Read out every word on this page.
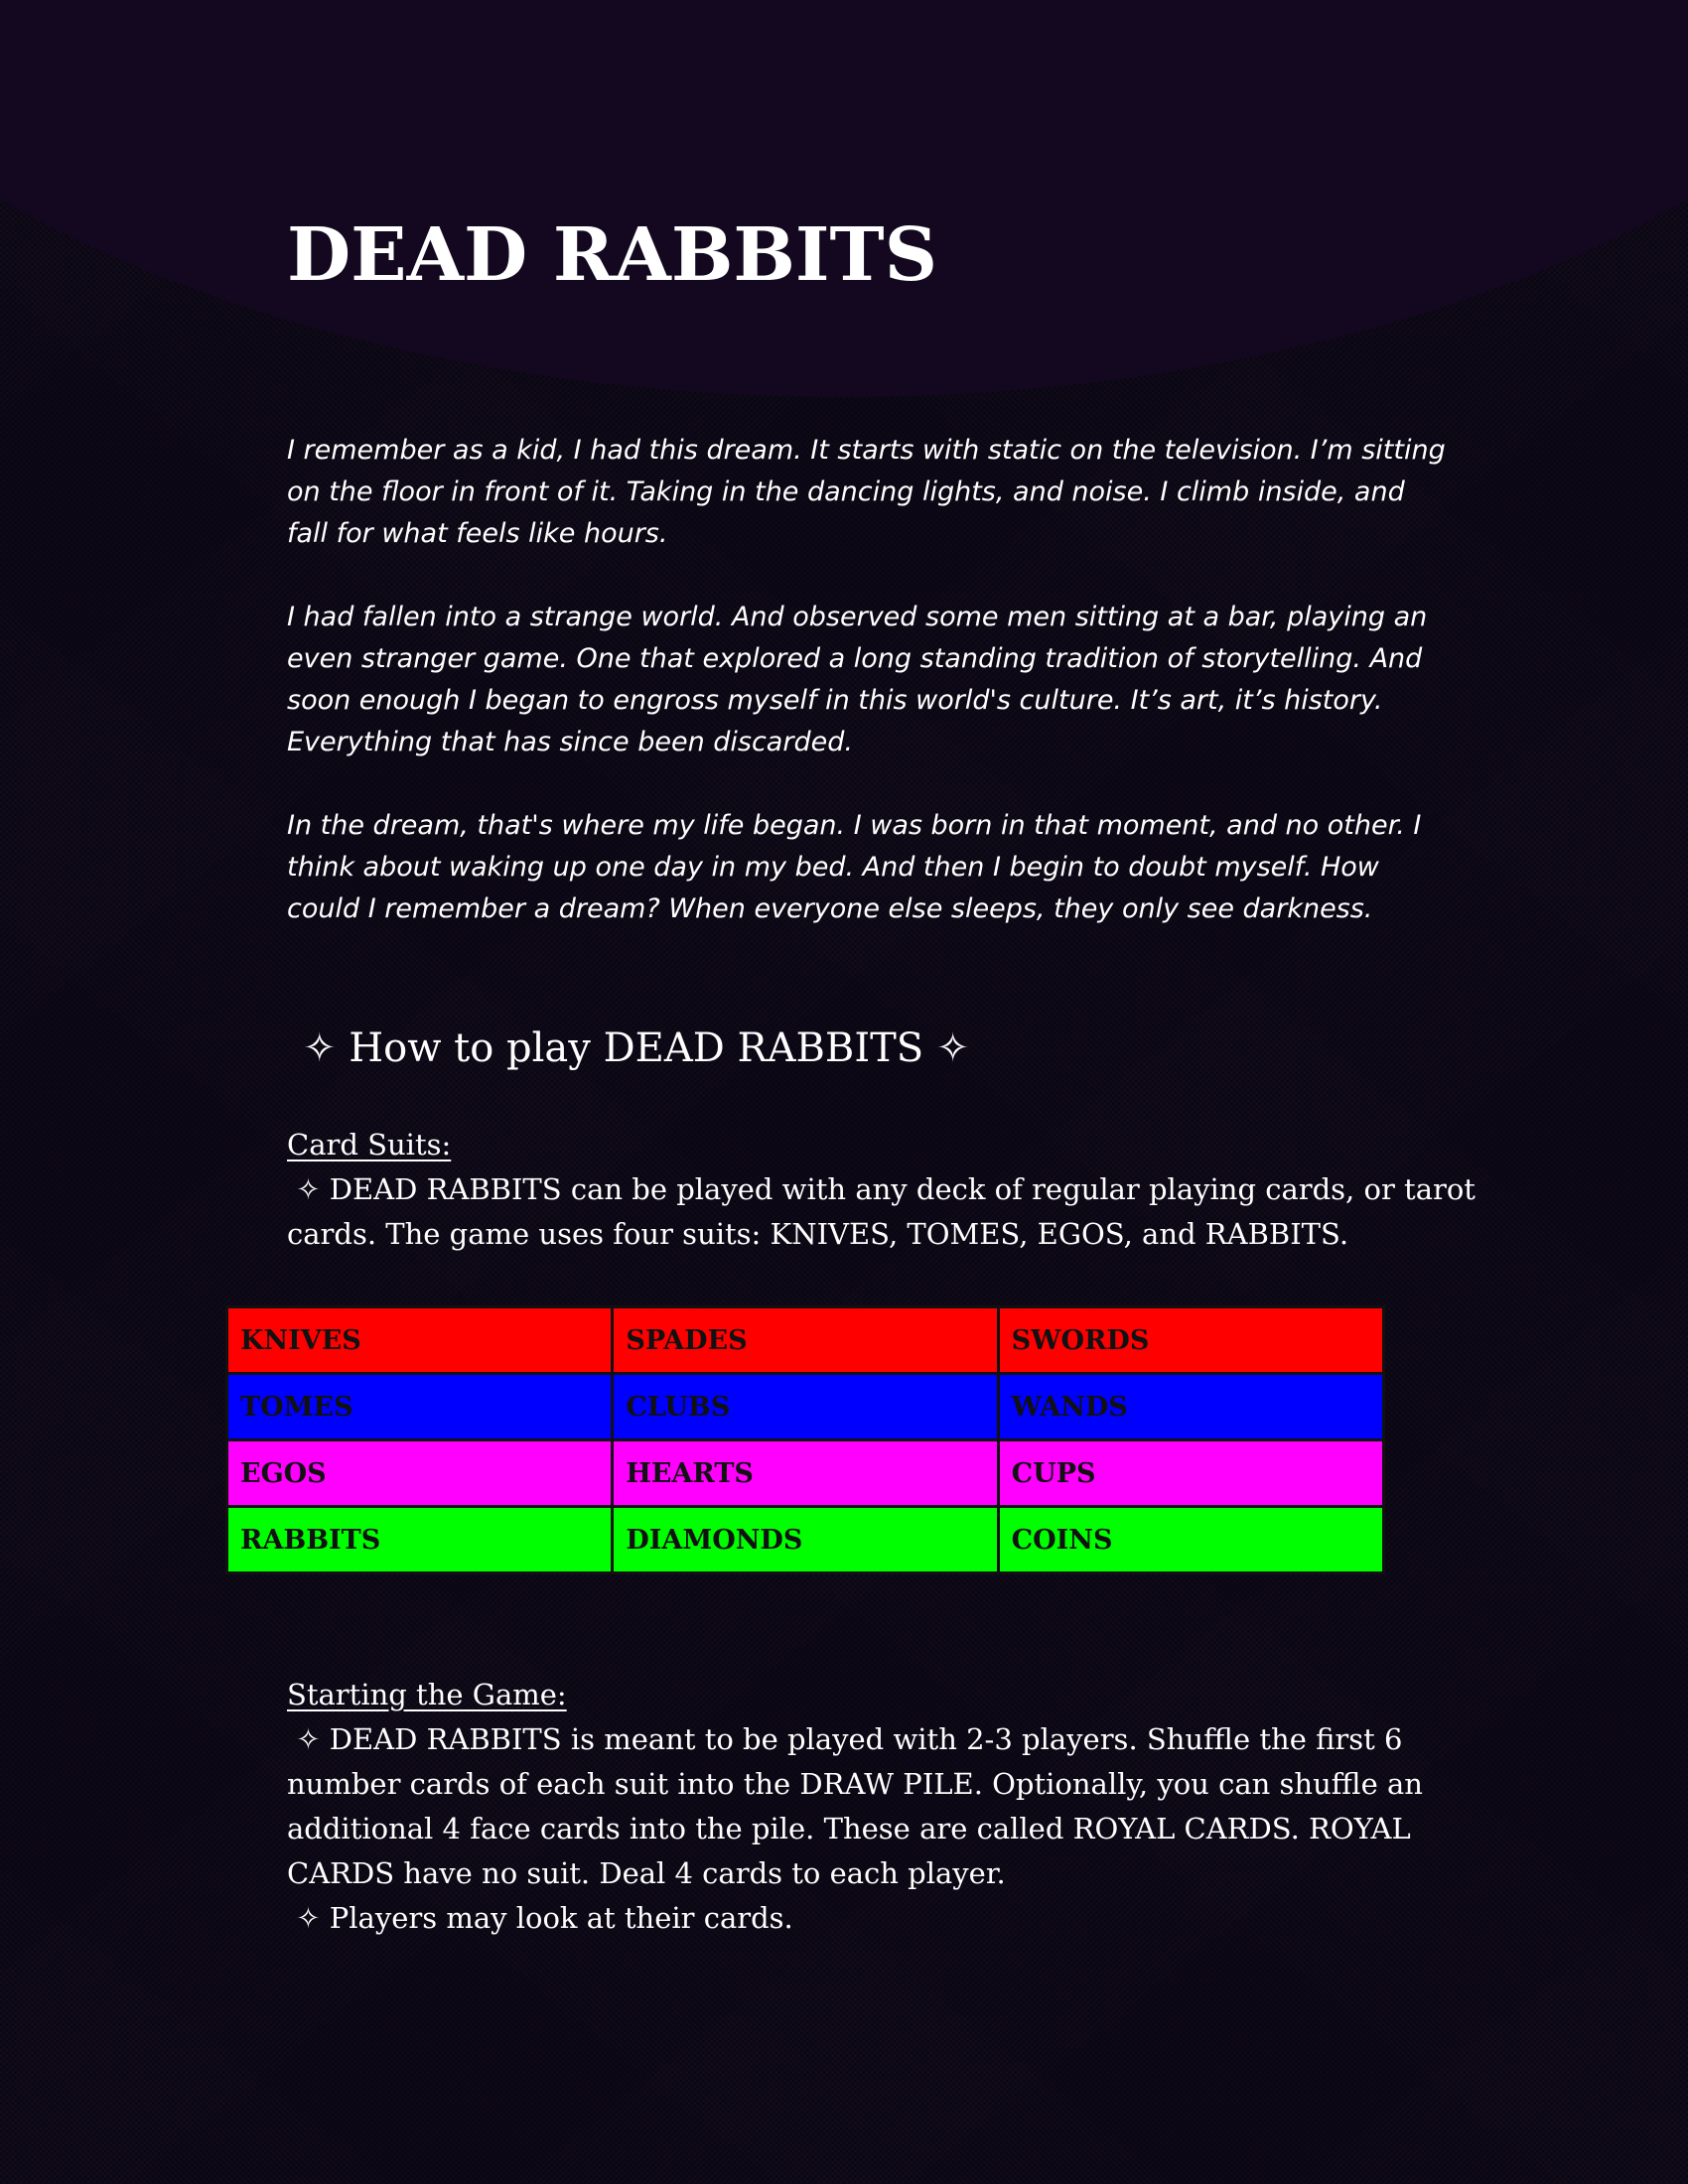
DEAD RABBITS

I remember as a kid, I had this dream. It starts with static on the television. I’m sitting
on the floor in front of it. Taking in the dancing lights, and noise. I climb inside, and
fall for what feels like hours.

I had fallen into a strange world. And observed some men sitting at a bar, playing an
even stranger game. One that explored a long standing tradition of storytelling. And
soon enough I began to engross myself in this world's culture. It’s art, it’s history.
Everything that has since been discarded.

In the dream, that's where my life began. I was born in that moment, and no other. I
think about waking up one day in my bed. And then I begin to doubt myself. How
could I remember a dream? When everyone else sleeps, they only see darkness.

✧ How to play DEAD RABBITS ✧
Card Suits:
✧ DEAD RABBITS can be played with any deck of regular playing cards, or tarot
cards. The game uses four suits: KNIVES, TOMES, EGOS, and RABBITS.
KNIVES	SPADES	SWORDS
TOMES	CLUBS	WANDS
EGOS	HEARTS	CUPS
RABBITS	DIAMONDS	COINS
Starting the Game:
✧ DEAD RABBITS is meant to be played with 2-3 players. Shuffle the first 6
number cards of each suit into the DRAW PILE. Optionally, you can shuffle an
additional 4 face cards into the pile. These are called ROYAL CARDS. ROYAL
CARDS have no suit. Deal 4 cards to each player.
✧ Players may look at their cards.
